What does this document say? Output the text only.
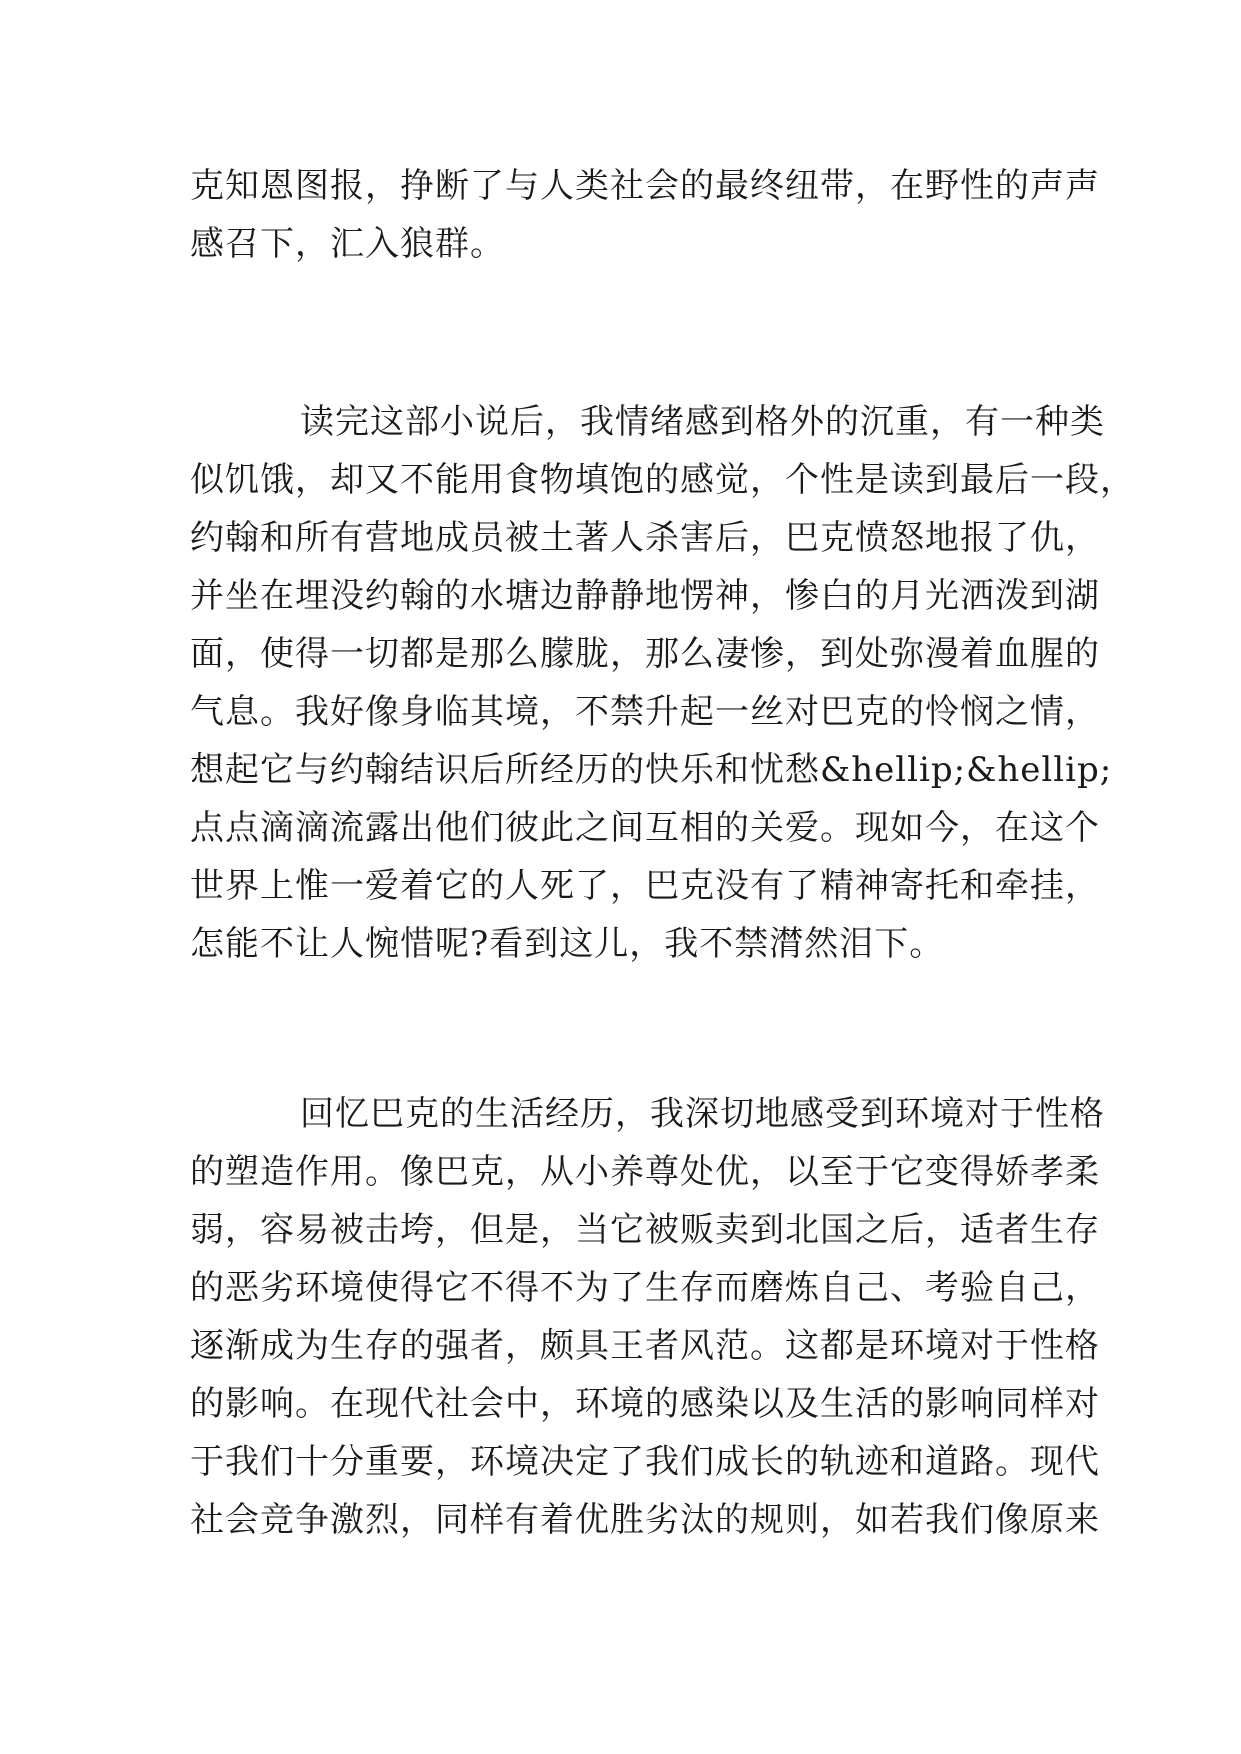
克知恩图报，挣断了与人类社会的最终纽带，在野性的声声
感召下，汇入狼群。
读完这部小说后，我情绪感到格外的沉重，有一种类
似饥饿，却又不能用食物填饱的感觉，个性是读到最后一段，
约翰和所有营地成员被土著人杀害后，巴克愤怒地报了仇，
并坐在埋没约翰的水塘边静静地愣神，惨白的月光洒泼到湖
面，使得一切都是那么朦胧，那么凄惨，到处弥漫着血腥的
气息。我好像身临其境，不禁升起一丝对巴克的怜悯之情，
想起它与约翰结识后所经历的快乐和忧愁&hellip;&hellip;
点点滴滴流露出他们彼此之间互相的关爱。现如今，在这个
世界上惟一爱着它的人死了，巴克没有了精神寄托和牵挂，
怎能不让人惋惜呢?看到这儿，我不禁潸然泪下。
回忆巴克的生活经历，我深切地感受到环境对于性格
的塑造作用。像巴克，从小养尊处优，以至于它变得娇孝柔
弱，容易被击垮，但是，当它被贩卖到北国之后，适者生存
的恶劣环境使得它不得不为了生存而磨炼自己、考验自己，
逐渐成为生存的强者，颇具王者风范。这都是环境对于性格
的影响。在现代社会中，环境的感染以及生活的影响同样对
于我们十分重要，环境决定了我们成长的轨迹和道路。现代
社会竞争激烈，同样有着优胜劣汰的规则，如若我们像原来
